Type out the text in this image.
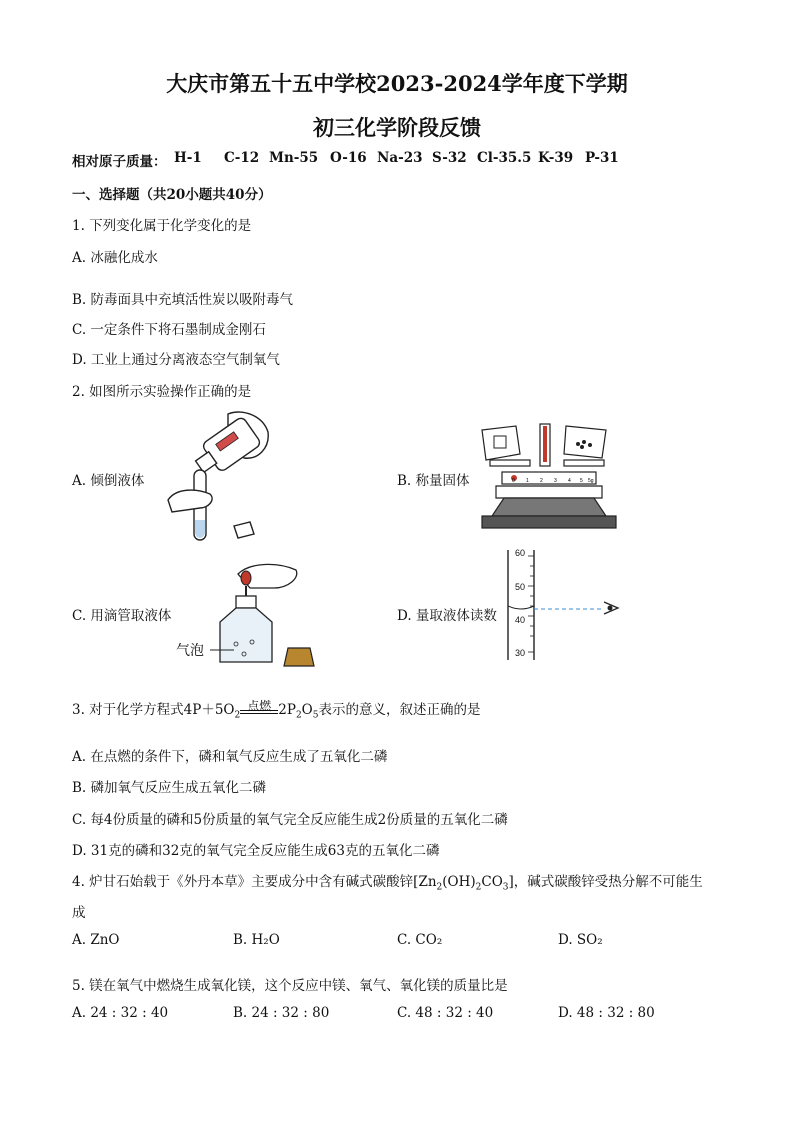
大庆市第五十五中学校2023-2024学年度下学期
初三化学阶段反馈
相对原子质量： H-1 C-12 Mn-55 O-16 Na-23 S-32 Cl-35.5 K-39 P-31
一、选择题（共20小题共40分）
1. 下列变化属于化学变化的是
A. 冰融化成水
B. 防毒面具中充填活性炭以吸附毒气
C. 一定条件下将石墨制成金刚石
D. 工业上通过分离液态空气制氧气
2. 如图所示实验操作正确的是
A. 倾倒液体	B. 称量固体
C. 用滴管取液体	D. 量取液体读数
0 1 2 3 4 5 5g
气泡
60
50
40
30
3. 对于化学方程式$4P+5O_2$
点燃 $2P_2O_5$表示的意义，叙述正确的是
A. 在点燃的条件下，磷和氧气反应生成了五氧化二磷
B. 磷加氧气反应生成五氧化二磷
C. 每4份质量的磷和5份质量的氧气完全反应能生成2份质量的五氧化二磷
D. 31克的磷和32克的氧气完全反应能生成63克的五氧化二磷
4. 炉甘石始载于《外丹本草》主要成分中含有碱式碳酸锌$[Zn_2(OH)_2CO_3]$，碱式碳酸锌受热分解不可能生
成
A. ZnO	B. H₂O	C. CO₂	D. SO₂
5. 镁在氧气中燃烧生成氧化镁，这个反应中镁、氧气、氧化镁的质量比是
A. 24 : 32 : 40	B. 24 : 32 : 80	C. 48 : 32 : 40	D. 48 : 32 : 80
